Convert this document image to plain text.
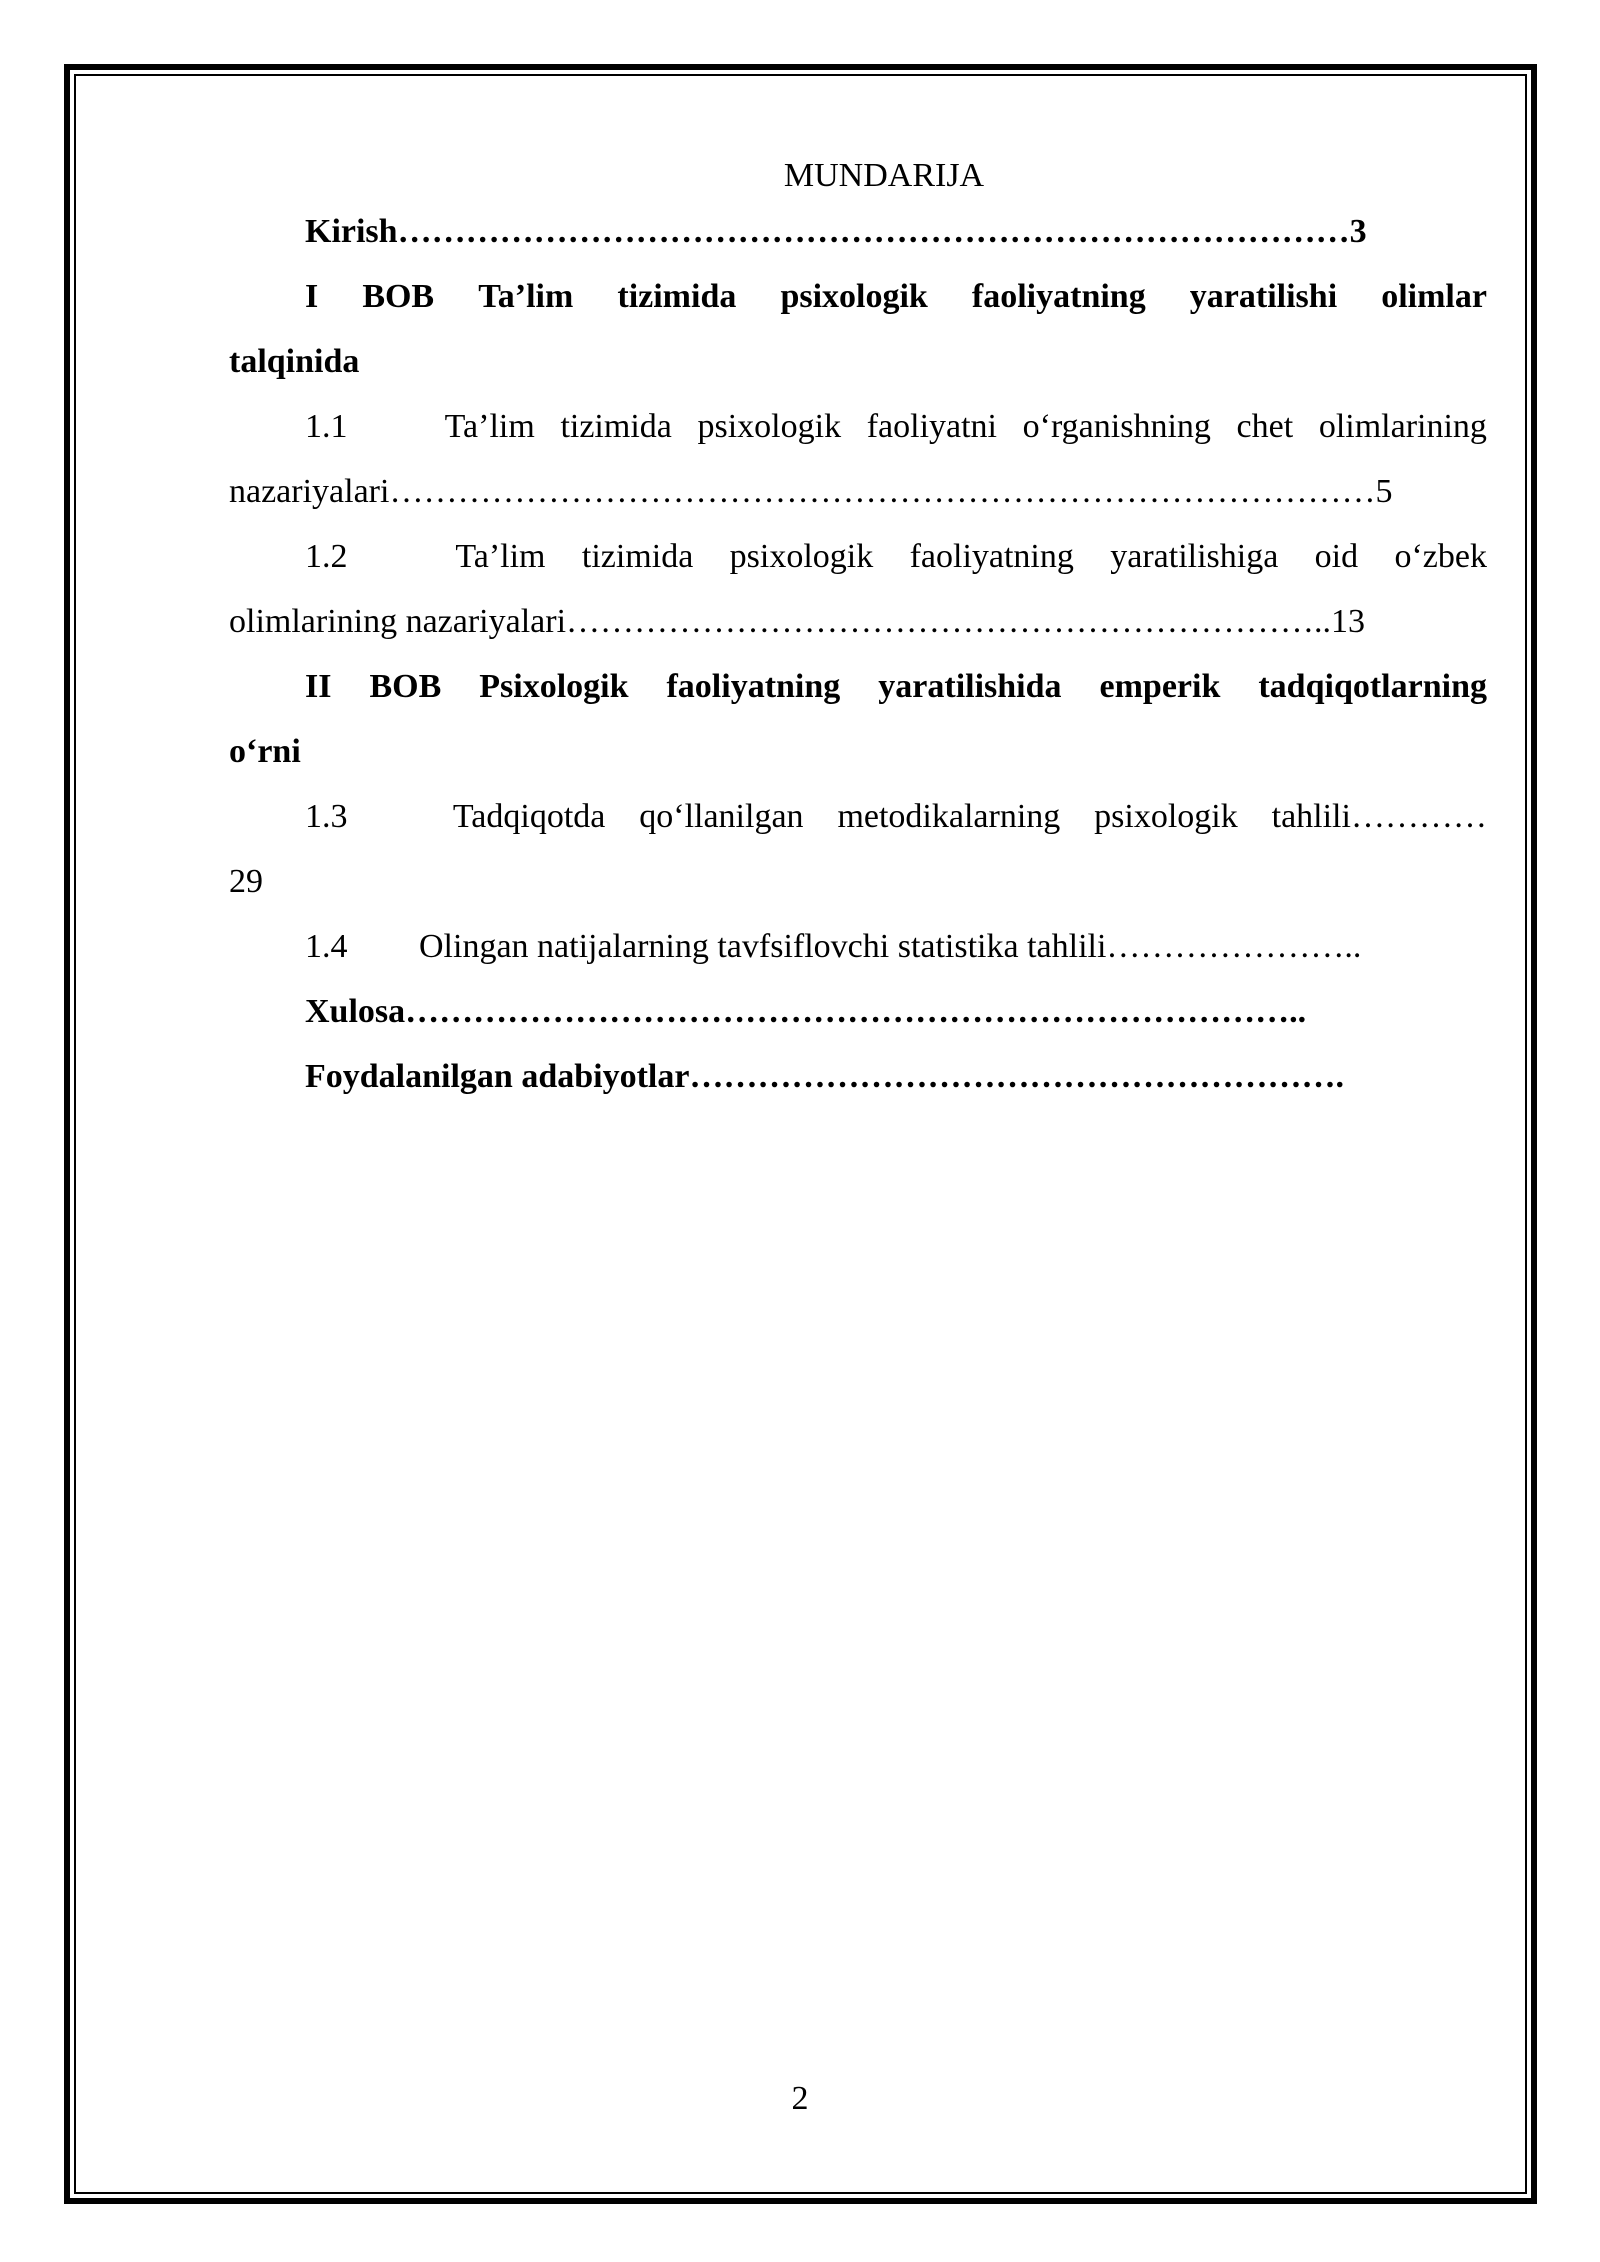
MUNDARIJA
Kirish…………………………………………………………………………3
I BOB Ta’lim tizimida psixologik faoliyatning yaratilishi olimlar
talqinida
1.1	Ta’lim tizimida psixologik faoliyatni o‘rganishning chet olimlarining
nazariyalari……………………………………………………………………………5
1.2	Ta’lim tizimida psixologik faoliyatning yaratilishiga oid o‘zbek
olimlarining nazariyalari…………………………………………………………..13
II BOB Psixologik faoliyatning yaratilishida emperik tadqiqotlarning
o‘rni
1.3	Tadqiqotda qo‘llanilgan metodikalarning psixologik tahlili…………
29
1.4 Olingan natijalarning tavfsiflovchi statistika tahlili…………………..
Xulosa……………………………………………………………………..
Foydalanilgan adabiyotlar………………………………………………….
2
